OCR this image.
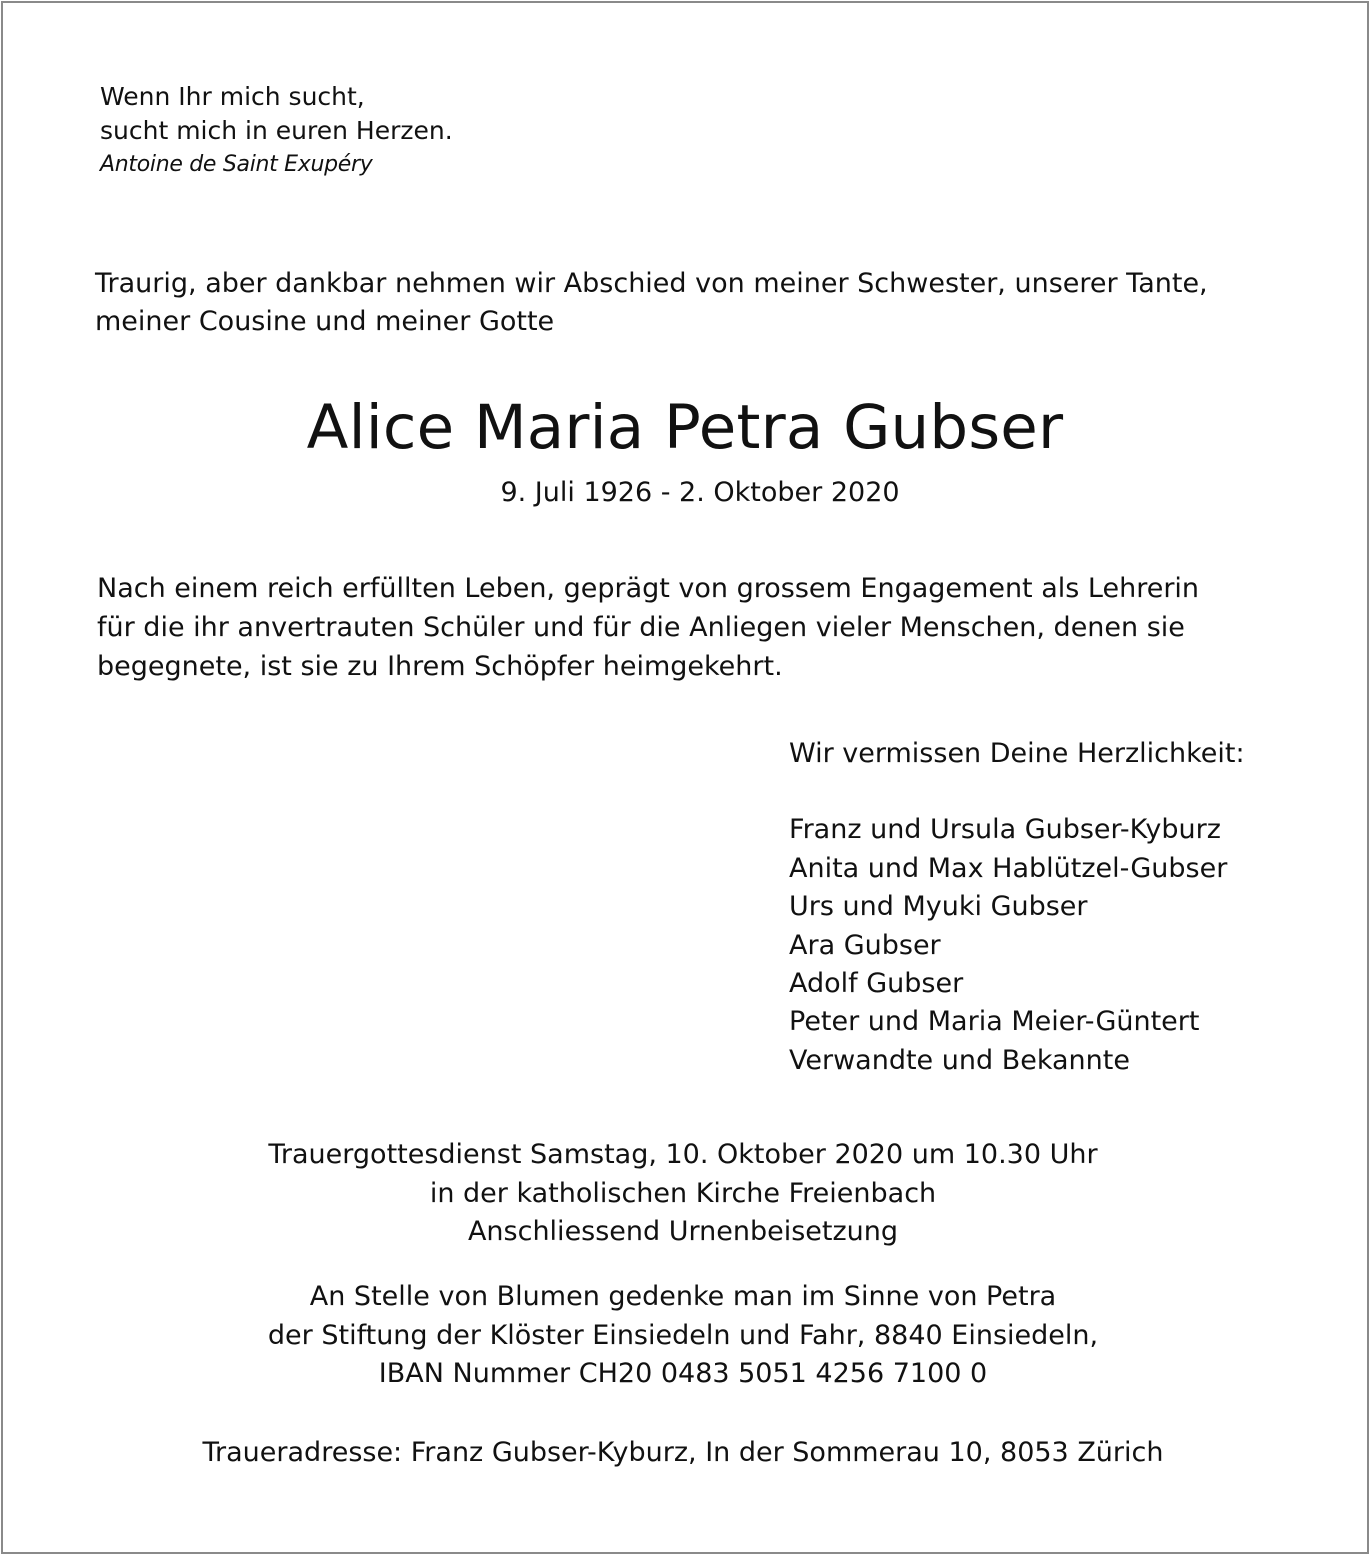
Wenn Ihr mich sucht,
sucht mich in euren Herzen.
Antoine de Saint Exupéry
Traurig, aber dankbar nehmen wir Abschied von meiner Schwester, unserer Tante,
meiner Cousine und meiner Gotte
Alice Maria Petra Gubser
9. Juli 1926 - 2. Oktober 2020
Nach einem reich erfüllten Leben, geprägt von grossem Engagement als Lehrerin
für die ihr anvertrauten Schüler und für die Anliegen vieler Menschen, denen sie
begegnete, ist sie zu Ihrem Schöpfer heimgekehrt.
Wir vermissen Deine Herzlichkeit:
Franz und Ursula Gubser-Kyburz
Anita und Max Hablützel-Gubser
Urs und Myuki Gubser
Ara Gubser
Adolf Gubser
Peter und Maria Meier-Güntert
Verwandte und Bekannte
Trauergottesdienst Samstag, 10. Oktober 2020 um 10.30 Uhr
in der katholischen Kirche Freienbach
Anschliessend Urnenbeisetzung
An Stelle von Blumen gedenke man im Sinne von Petra
der Stiftung der Klöster Einsiedeln und Fahr, 8840 Einsiedeln,
IBAN Nummer CH20 0483 5051 4256 7100 0
Traueradresse: Franz Gubser-Kyburz, In der Sommerau 10, 8053 Zürich
